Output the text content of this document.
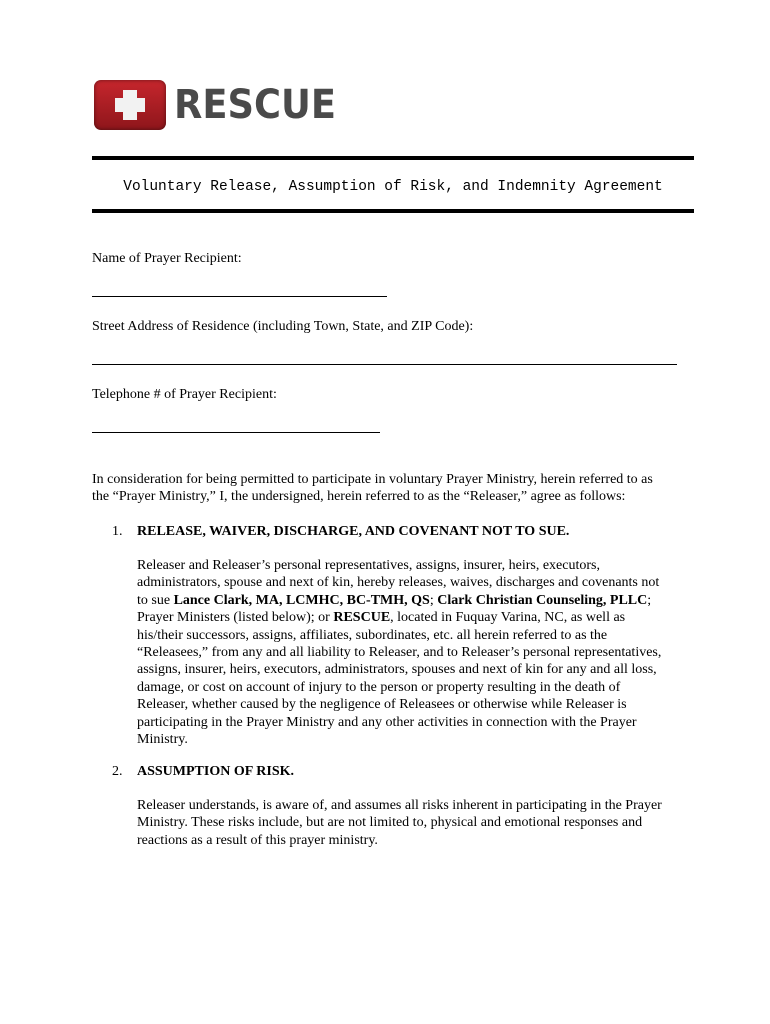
RESCUE
Voluntary Release, Assumption of Risk, and Indemnity Agreement
Name of Prayer Recipient:
Street Address of Residence (including Town, State, and ZIP Code):
Telephone # of Prayer Recipient:
In consideration for being permitted to participate in voluntary Prayer Ministry, herein referred to as
the “Prayer Ministry,” I, the undersigned, herein referred to as the “Releaser,” agree as follows:
1. RELEASE, WAIVER, DISCHARGE, AND COVENANT NOT TO SUE.
Releaser and Releaser’s personal representatives, assigns, insurer, heirs, executors,
administrators, spouse and next of kin, hereby releases, waives, discharges and covenants not
to sue Lance Clark, MA, LCMHC, BC-TMH, QS; Clark Christian Counseling, PLLC;
Prayer Ministers (listed below); or RESCUE, located in Fuquay Varina, NC, as well as
his/their successors, assigns, affiliates, subordinates, etc. all herein referred to as the
“Releasees,” from any and all liability to Releaser, and to Releaser’s personal representatives,
assigns, insurer, heirs, executors, administrators, spouses and next of kin for any and all loss,
damage, or cost on account of injury to the person or property resulting in the death of
Releaser, whether caused by the negligence of Releasees or otherwise while Releaser is
participating in the Prayer Ministry and any other activities in connection with the Prayer
Ministry.
2. ASSUMPTION OF RISK.
Releaser understands, is aware of, and assumes all risks inherent in participating in the Prayer
Ministry. These risks include, but are not limited to, physical and emotional responses and
reactions as a result of this prayer ministry.
